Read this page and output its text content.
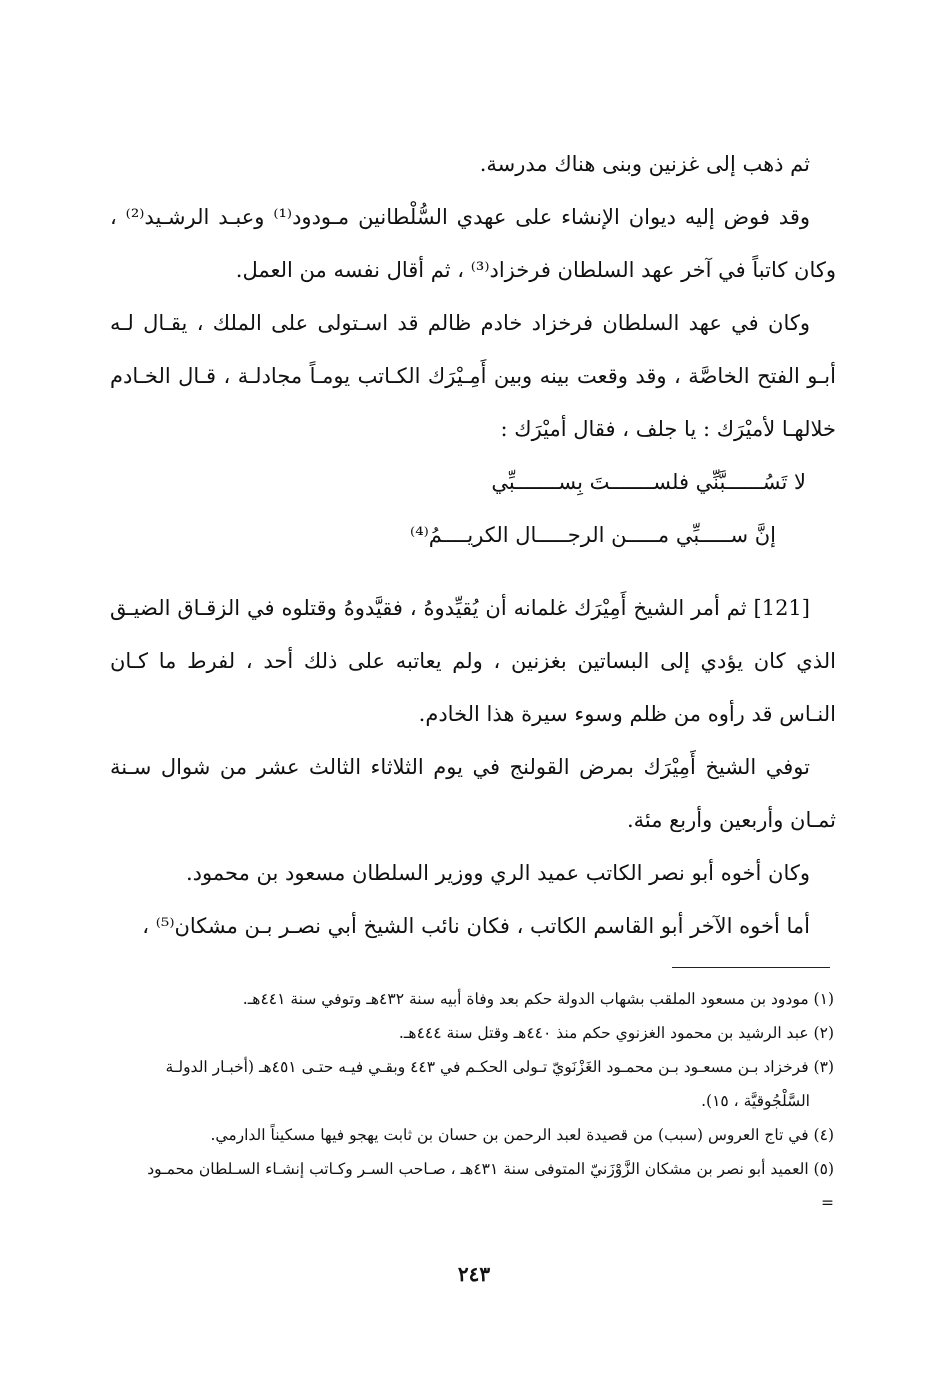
ثم ذهب إلى غزنين وبنى هناك مدرسة.

وقد فوض إليه ديوان الإنشاء على عهدي السُّلْطانين مـودود⁽¹⁾ وعبـد الرشـيد⁽²⁾ ، وكان كاتباً في آخر عهد السلطان فرخزاد⁽³⁾ ، ثم أقال نفسه من العمل.

وكان في عهد السلطان فرخزاد خادم ظالم قد اسـتولى على الملك ، يقـال لـه أبـو الفتح الخاصَّة ، وقد وقعت بينه وبين أَمِـيْرَك الكـاتب يومـاً مجادلـة ، قـال الخـادم خلالهـا لأميْرَك : يا جلف ، فقال أميْرَك :

لا تَسُــــــبَّنِّي فلســـــــتَ بِســـــــبِّي
إنَّ ســـــبِّي مـــــن الرجـــــال الكريــــمُ⁽⁴⁾

[121] ثم أمر الشيخ أَمِيْرَك غلمانه أن يُقيِّدوهُ ، فقيَّدوهُ وقتلوه في الزقـاق الضيـق الذي كان يؤدي إلى البساتين بغزنين ، ولم يعاتبه على ذلك أحد ، لفرط ما كـان النـاس قد رأوه من ظلم وسوء سيرة هذا الخادم.

توفي الشيخ أَمِيْرَك بمرض القولنج في يوم الثلاثاء الثالث عشر من شوال سـنة ثمـان وأربعين وأربع مئة.

وكان أخوه أبو نصر الكاتب عميد الري ووزير السلطان مسعود بن محمود.

أما أخوه الآخر أبو القاسم الكاتب ، فكان نائب الشيخ أبي نصـر بـن مشكان⁽⁵⁾ ،

(١) مودود بن مسعود الملقب بشهاب الدولة حكم بعد وفاة أبيه سنة ٤٣٢هـ وتوفي سنة ٤٤١هـ.

(٢) عبد الرشيد بن محمود الغزنوي حكم منذ ٤٤٠هـ وقتل سنة ٤٤٤هـ.

(٣) فرخزاد بـن مسعـود بـن محمـود الغَزْنَويّ تـولى الحكـم في ٤٤٣ وبقـي فيـه حتـى ٤٥١هـ (أخبـار الدولـة

السَّلْجُوقيَّة ، ١٥).

(٤) في تاج العروس (سبب) من قصيدة لعبد الرحمن بن حسان بن ثابت يهجو فيها مسكيناً الدارمي.

(٥) العميد أبو نصر بن مشكان الزَّوْزَنيّ المتوفى سنة ٤٣١هـ ، صـاحب السـر وكـاتب إنشـاء السـلطان محمـود

=

٢٤٣
